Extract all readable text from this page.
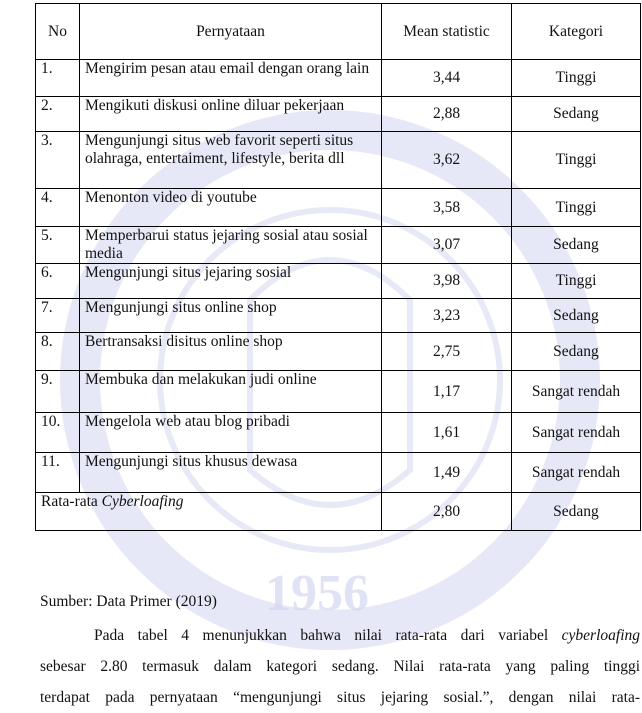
1956
No	Pernyataan	Mean statistic	Kategori
1.	Mengirim pesan atau email dengan orang lain	3,44	Tinggi
2.	Mengikuti diskusi online diluar pekerjaan	2,88	Sedang
3.	Mengunjungi situs web favorit seperti situs olahraga, entertaiment, lifestyle, berita dll	3,62	Tinggi
4.	Menonton video di youtube	3,58	Tinggi
5.	Memperbarui status jejaring sosial atau sosial media	3,07	Sedang
6.	Mengunjungi situs jejaring sosial	3,98	Tinggi
7.	Mengunjungi situs online shop	3,23	Sedang
8.	Bertransaksi disitus online shop	2,75	Sedang
9.	Membuka dan melakukan judi online	1,17	Sangat rendah
10.	Mengelola web atau blog pribadi	1,61	Sangat rendah
11.	Mengunjungi situs khusus dewasa	1,49	Sangat rendah
Rata-rata Cyberloafing		2,80	Sedang
Sumber: Data Primer (2019)
Pada tabel 4 menunjukkan bahwa nilai rata-rata dari variabel cyberloafing
sebesar 2.80 termasuk dalam kategori sedang. Nilai rata-rata yang paling tinggi
terdapat pada pernyataan “mengunjungi situs jejaring sosial.”, dengan nilai rata-
